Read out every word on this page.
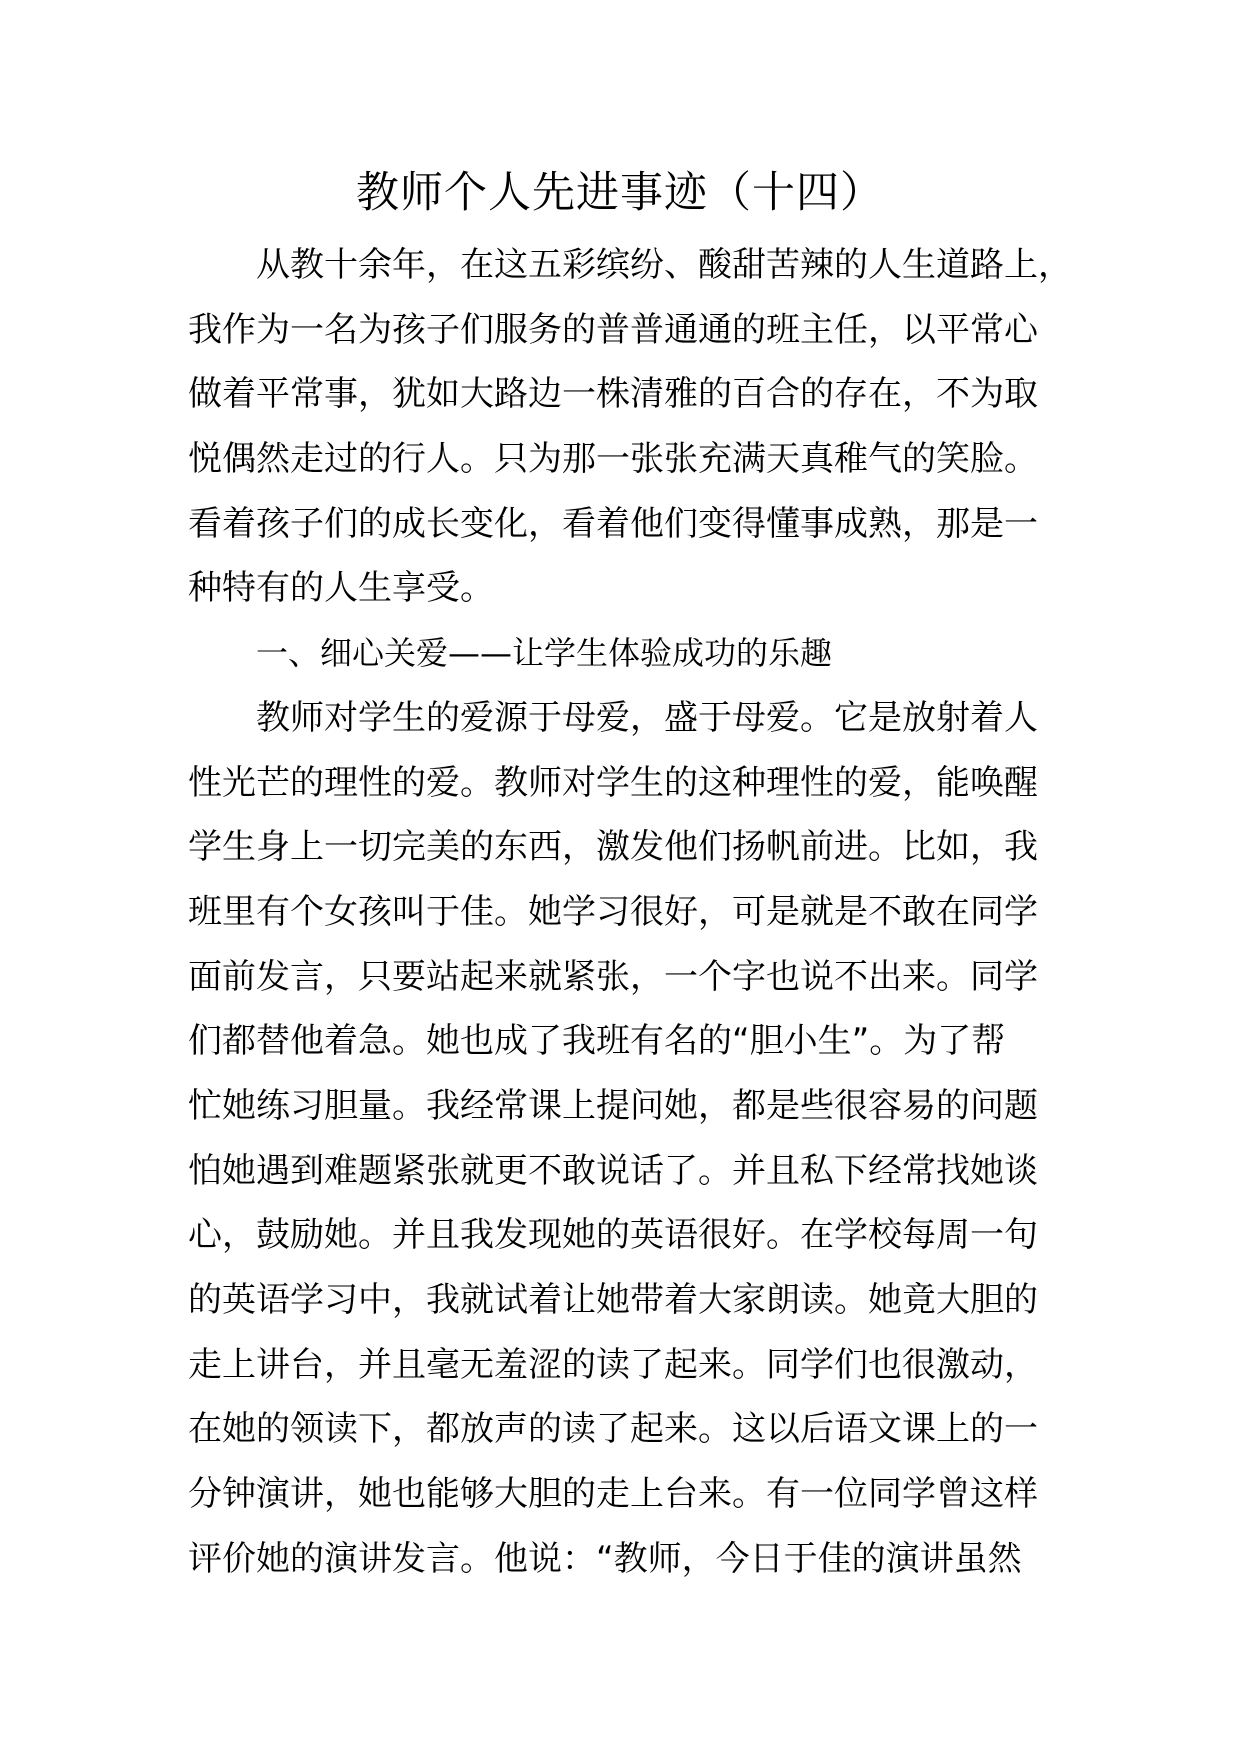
教师个人先进事迹（十四）
从教十余年，在这五彩缤纷、酸甜苦辣的人生道路上，
我作为一名为孩子们服务的普普通通的班主任，以平常心
做着平常事，犹如大路边一株清雅的百合的存在，不为取
悦偶然走过的行人。只为那一张张充满天真稚气的笑脸。
看着孩子们的成长变化，看着他们变得懂事成熟，那是一
种特有的人生享受。
一、细心关爱——让学生体验成功的乐趣
教师对学生的爱源于母爱，盛于母爱。它是放射着人
性光芒的理性的爱。教师对学生的这种理性的爱，能唤醒
学生身上一切完美的东西，激发他们扬帆前进。比如，我
班里有个女孩叫于佳。她学习很好，可是就是不敢在同学
面前发言，只要站起来就紧张，一个字也说不出来。同学
们都替他着急。她也成了我班有名的“胆小生”。为了帮
忙她练习胆量。我经常课上提问她，都是些很容易的问题
怕她遇到难题紧张就更不敢说话了。并且私下经常找她谈
心，鼓励她。并且我发现她的英语很好。在学校每周一句
的英语学习中，我就试着让她带着大家朗读。她竟大胆的
走上讲台，并且毫无羞涩的读了起来。同学们也很激动，
在她的领读下，都放声的读了起来。这以后语文课上的一
分钟演讲，她也能够大胆的走上台来。有一位同学曾这样
评价她的演讲发言。他说：“教师，今日于佳的演讲虽然
